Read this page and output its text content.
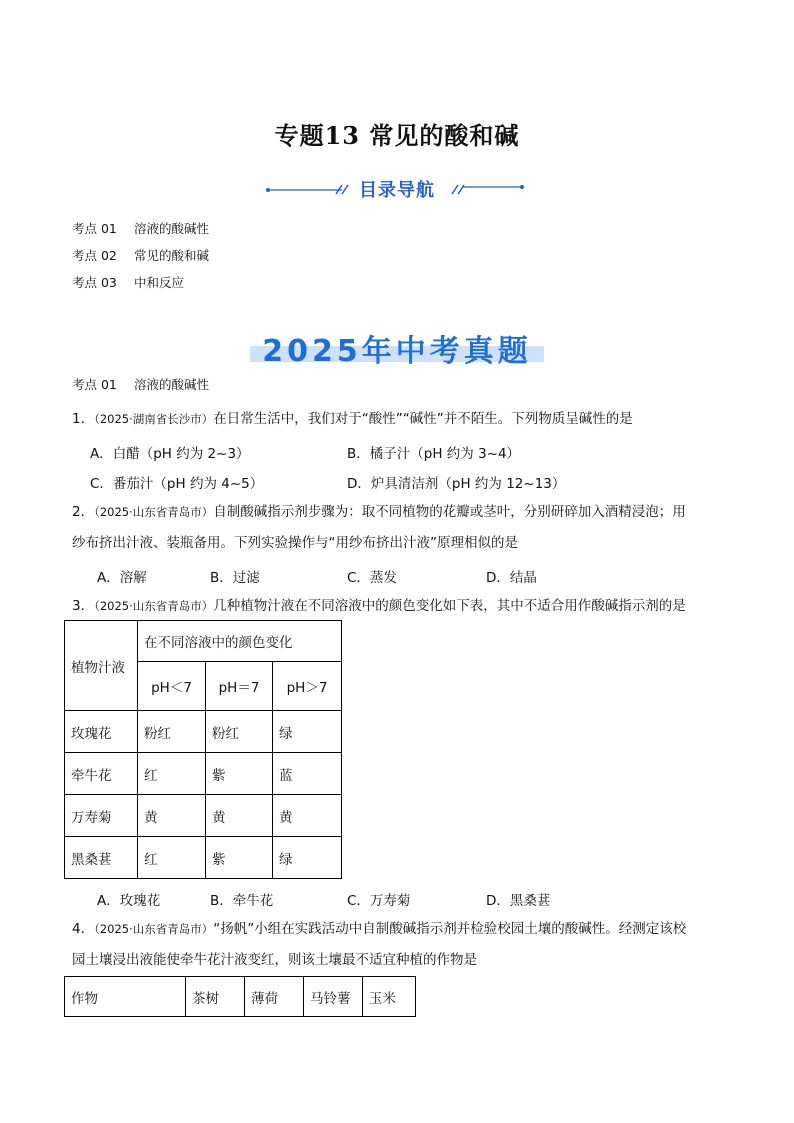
专题13 常见的酸和碱
目录导航
考点 01 溶液的酸碱性
考点 02 常见的酸和碱
考点 03 中和反应
2025年中考真题
考点 01 溶液的酸碱性
1．（2025·湖南省长沙市）在日常生活中，我们对于“酸性”“碱性”并不陌生。下列物质呈碱性的是
A．白醋（pH 约为 2~3）	B．橘子汁（pH 约为 3~4）
C．番茄汁（pH 约为 4~5）	D．炉具清洁剂（pH 约为 12~13）
2．（2025·山东省青岛市）自制酸碱指示剂步骤为：取不同植物的花瓣或茎叶，分别研碎加入酒精浸泡；用
纱布挤出汁液、装瓶备用。下列实验操作与“用纱布挤出汁液”原理相似的是
A．溶解	B．过滤	C．蒸发	D．结晶
3．（2025·山东省青岛市）几种植物汁液在不同溶液中的颜色变化如下表，其中不适合用作酸碱指示剂的是
植物汁液	在不同溶液中的颜色变化		
	pH＜7	pH＝7	pH＞7
玫瑰花	粉红	粉红	绿
牵牛花	红	紫	蓝
万寿菊	黄	黄	黄
黑桑葚	红	紫	绿
A．玫瑰花	B．牵牛花	C．万寿菊	D．黑桑葚
4．（2025·山东省青岛市）“扬帆”小组在实践活动中自制酸碱指示剂并检验校园土壤的酸碱性。经测定该校
园土壤浸出液能使牵牛花汁液变红，则该土壤最不适宜种植的作物是
作物	茶树	薄荷	马铃薯	玉米
